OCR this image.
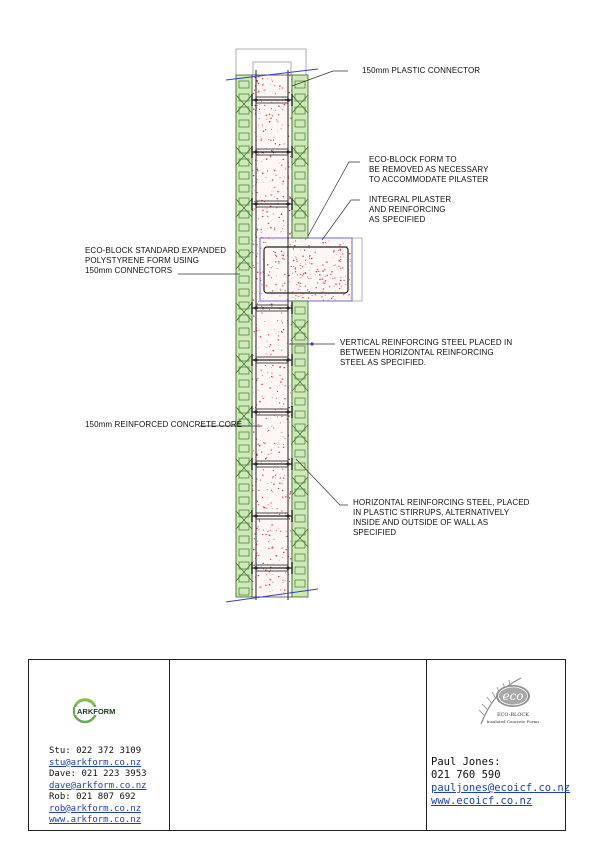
150mm PLASTIC CONNECTOR
ECO-BLOCK FORM TO
BE REMOVED AS NECESSARY
TO ACCOMMODATE PILASTER
INTEGRAL PILASTER
AND REINFORCING
AS SPECIFIED
ECO-BLOCK STANDARD EXPANDED
POLYSTYRENE FORM USING
150mm CONNECTORS
VERTICAL REINFORCING STEEL PLACED IN
BETWEEN HORIZONTAL REINFORCING
STEEL AS SPECIFIED.
150mm REINFORCED CONCRETE CORE
HORIZONTAL REINFORCING STEEL, PLACED
IN PLASTIC STIRRUPS, ALTERNATIVELY
INSIDE AND OUTSIDE OF WALL AS
SPECIFIED
ARKFORM
Stu: 022 372 3109
stu@arkform.co.nz
Dave: 021 223 3953
dave@arkform.co.nz
Rob: 021 807 692
rob@arkform.co.nz
www.arkform.co.nz
eco
ECO-BLOCK
Insulated Concrete Forms
Paul Jones:
021 760 590
pauljones@ecoicf.co.nz
www.ecoicf.co.nz
